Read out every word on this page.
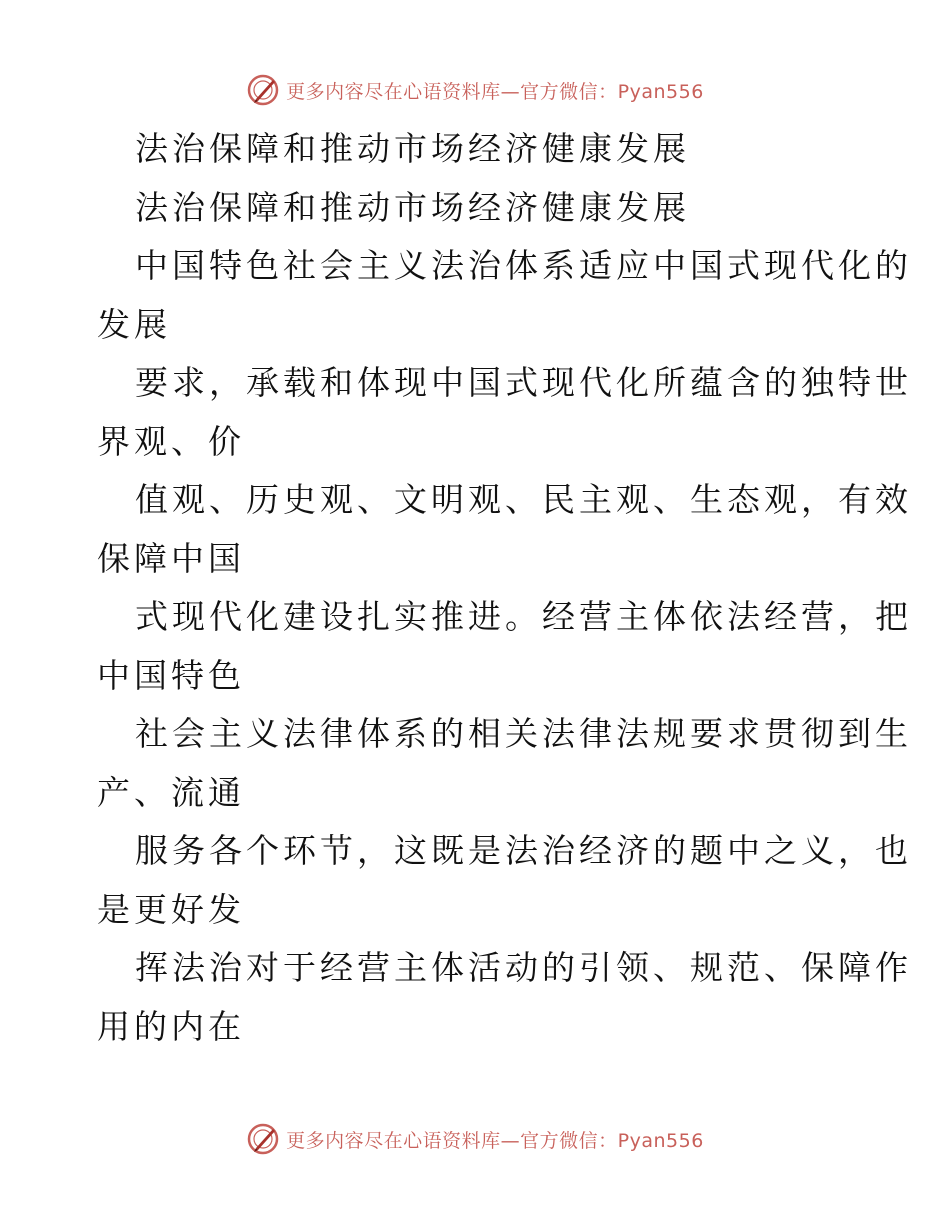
更多内容尽在心语资料库—官方微信：Pyan556
法治保障和推动市场经济健康发展
法治保障和推动市场经济健康发展
中国特色社会主义法治体系适应中国式现代化的
发展
要求，承载和体现中国式现代化所蕴含的独特世
界观、价
值观、历史观、文明观、民主观、生态观，有效
保障中国
式现代化建设扎实推进。经营主体依法经营，把
中国特色
社会主义法律体系的相关法律法规要求贯彻到生
产、流通
服务各个环节，这既是法治经济的题中之义，也
是更好发
挥法治对于经营主体活动的引领、规范、保障作
用的内在
更多内容尽在心语资料库—官方微信：Pyan556
